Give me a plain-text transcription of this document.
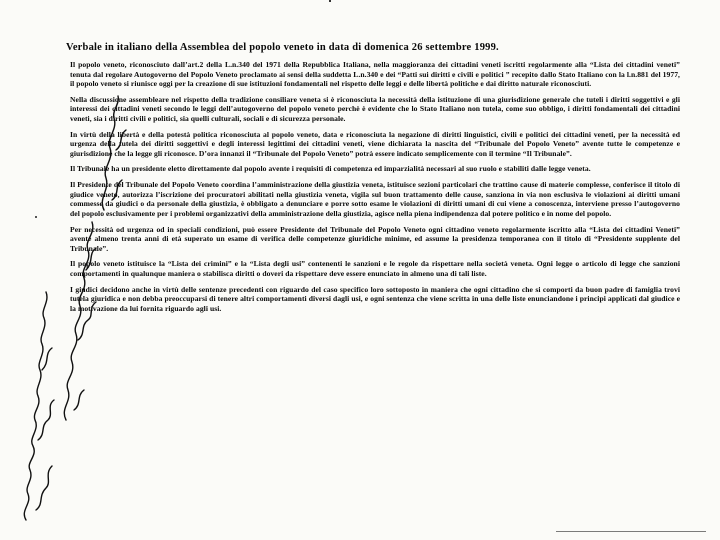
Verbale in italiano della Assemblea del popolo veneto in data di domenica 26 settembre 1999.

Il popolo veneto, riconosciuto dall’art.2 della L.n.340 del 1971 della Repubblica Italiana, nella maggioranza dei cittadini veneti iscritti regolarmente alla “Lista dei cittadini veneti” tenuta dal regolare Autogoverno del Popolo Veneto proclamato ai sensi della suddetta L.n.340 e dei “Patti sui diritti e civili e politici ” recepito dallo Stato Italiano con la l.n.881 del 1977, il popolo veneto si riunisce oggi per la creazione di sue istituzioni fondamentali nel rispetto delle leggi e delle libertà politiche e dai diritto naturale riconosciuti.

Nella discussione assembleare nel rispetto della tradizione consiliare veneta si è riconosciuta la necessità della istituzione di una giurisdizione generale che tuteli i diritti soggettivi e gli interessi dei cittadini veneti secondo le leggi dell’autogoverno del popolo veneto perchè è evidente che lo Stato Italiano non tutela, come suo obbligo, i diritti fondamentali dei cittadini veneti, sia i diritti civili e politici, sia quelli culturali, sociali e di sicurezza personale.

In virtù della libertà e della potestà politica riconosciuta al popolo veneto, data e riconosciuta la negazione di diritti linguistici, civili e politici dei cittadini veneti, per la necessità ed urgenza della tutela dei diritti soggettivi e degli interessi legittimi dei cittadini veneti, viene dichiarata la nascita del “Tribunale del Popolo Veneto” avente tutte le competenze e giurisdizione che la legge gli riconosce. D’ora innanzi il “Tribunale del Popolo Veneto” potrà essere indicato semplicemente con il termine “Il Tribunale”.

Il Tribunale ha un presidente eletto direttamente dal popolo avente i requisiti di competenza ed imparzialità necessari al suo ruolo e stabiliti dalle legge veneta.

Il Presidente del Tribunale del Popolo Veneto coordina l’amministrazione della giustizia veneta, istituisce sezioni particolari che trattino cause di materie complesse, conferisce il titolo di giudice veneto, autorizza l’iscrizione dei procuratori abilitati nella giustizia veneta, vigila sul buon trattamento delle cause, sanziona in via non esclusiva le violazioni ai diritti umani commesse da giudici o da personale della giustizia, è obbligato a denunciare e porre sotto esame le violazioni di diritti umani di cui viene a conoscenza, interviene presso l’autogoverno del popolo esclusivamente per i problemi organizzativi della amministrazione della giustizia, agisce nella piena indipendenza dal potere politico e in nome del popolo.

Per necessità od urgenza od in speciali condizioni, può essere Presidente del Tribunale del Popolo Veneto ogni cittadino veneto regolarmente iscritto alla “Lista dei cittadini Veneti” avente almeno trenta anni di età superato un esame di verifica delle competenze giuridiche minime, ed assume la presidenza temporanea con il titolo di “Presidente supplente del Tribunale”.

Il popolo veneto istituisce la “Lista dei crimini” e la “Lista degli usi” contenenti le sanzioni e le regole da rispettare nella società veneta. Ogni legge o articolo di legge che sanzioni comportamenti in qualunque maniera o stabilisca diritti o doveri da rispettare deve essere enunciato in almeno una di tali liste.

I giudici decidono anche in virtù delle sentenze precedenti con riguardo del caso specifico loro sottoposto in maniera che ogni cittadino che si comporti da buon padre di famiglia trovi tutela giuridica e non debba preoccuparsi di tenere altri comportamenti diversi dagli usi, e ogni sentenza che viene scritta in una delle liste enunciandone i principi applicati dal giudice e la motivazione da lui fornita riguardo agli usi.
